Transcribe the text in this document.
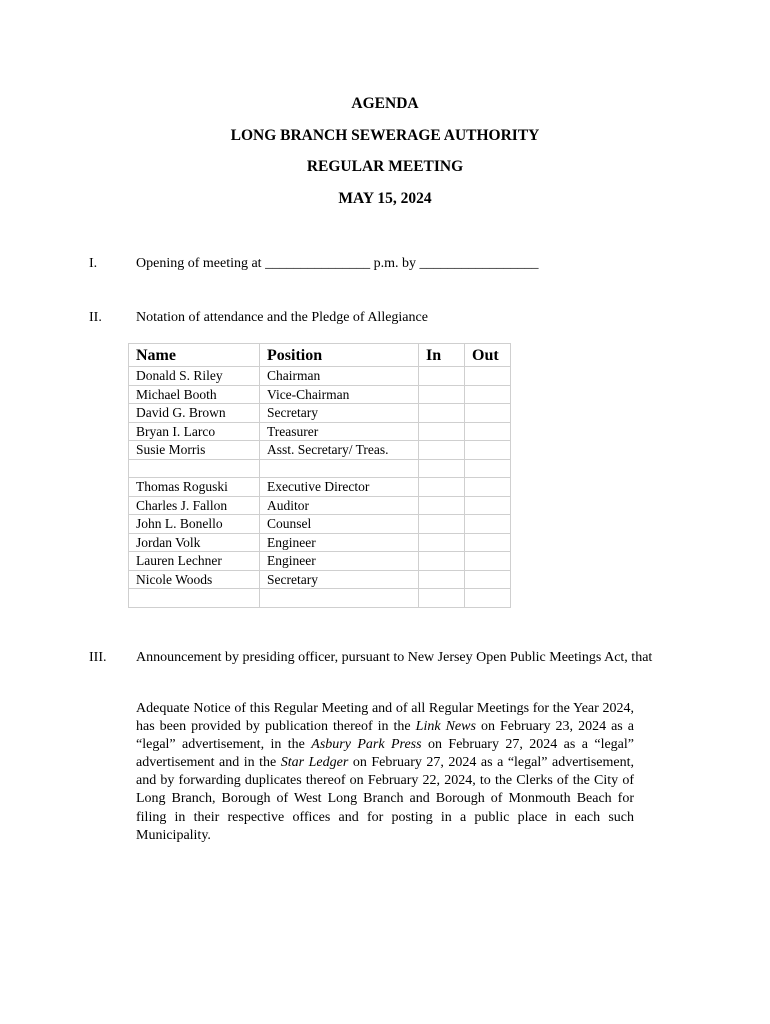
AGENDA
LONG BRANCH SEWERAGE AUTHORITY
REGULAR MEETING
MAY 15, 2024
I.	Opening of meeting at _______________ p.m. by _________________
II. Notation of attendance and the Pledge of Allegiance
Name	Position	In	Out
Donald S. Riley	Chairman		
Michael Booth	Vice-Chairman		
David G. Brown	Secretary		
Bryan I. Larco	Treasurer		
Susie Morris	Asst. Secretary/ Treas.		

Thomas Roguski	Executive Director		
Charles J. Fallon	Auditor		
John L. Bonello	Counsel		
Jordan Volk	Engineer		
Lauren Lechner	Engineer		
Nicole Woods	Secretary		

III. Announcement by presiding officer, pursuant to New Jersey Open Public Meetings Act, that
Adequate Notice of this Regular Meeting and of all Regular Meetings for the Year 2024, has been provided by publication thereof in the Link News on February 23, 2024 as a “legal” advertisement, in the Asbury Park Press on February 27, 2024 as a “legal” advertisement and in the Star Ledger on February 27, 2024 as a “legal” advertisement, and by forwarding duplicates thereof on February 22, 2024, to the Clerks of the City of Long Branch, Borough of West Long Branch and Borough of Monmouth Beach for filing in their respective offices and for posting in a public place in each such Municipality.
